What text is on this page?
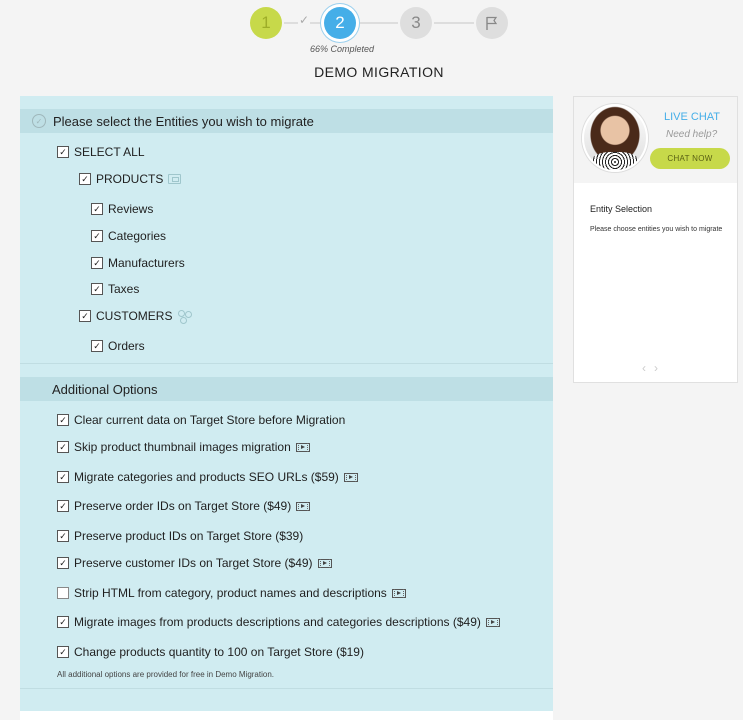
✓
1	2	3
66% Completed
DEMO MIGRATION
✓ Please select the Entities you wish to migrate
✓ SELECT ALL
✓ PRODUCTS
✓ Reviews
✓ Categories
✓ Manufacturers
✓ Taxes
✓ CUSTOMERS
✓ Orders
Additional Options
✓ Clear current data on Target Store before Migration
✓ Skip product thumbnail images migration
✓ Migrate categories and products SEO URLs ($59)
✓ Preserve order IDs on Target Store ($49)
✓ Preserve product IDs on Target Store ($39)
✓ Preserve customer IDs on Target Store ($49)
Strip HTML from category, product names and descriptions
✓ Migrate images from products descriptions and categories descriptions ($49)
✓ Change products quantity to 100 on Target Store ($19)
All additional options are provided for free in Demo Migration.
LIVE CHAT
Need help?
CHAT NOW
Entity Selection
Please choose entities you wish to migrate
‹›
